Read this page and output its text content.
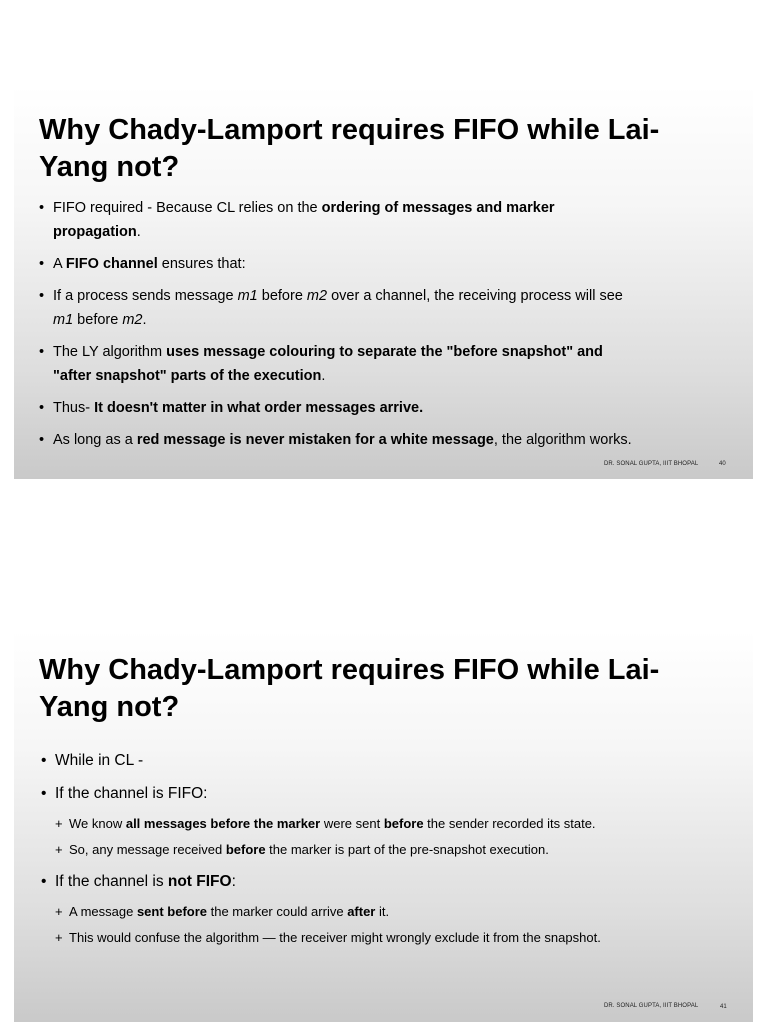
Why Chady-Lamport requires FIFO while Lai-Yang not?
• FIFO required - Because CL relies on the ordering of messages and marker propagation.
• A FIFO channel ensures that:
• If a process sends message m1 before m2 over a channel, the receiving process will see m1 before m2.
• The LY algorithm uses message colouring to separate the "before snapshot" and "after snapshot" parts of the execution.
• Thus- It doesn't matter in what order messages arrive.
• As long as a red message is never mistaken for a white message, the algorithm works.
DR. SONAL GUPTA, IIIT BHOPAL	40
Why Chady-Lamport requires FIFO while Lai-Yang not?
• While in CL -
• If the channel is FIFO:
+ We know all messages before the marker were sent before the sender recorded its state.
+ So, any message received before the marker is part of the pre-snapshot execution.
• If the channel is not FIFO:
+ A message sent before the marker could arrive after it.
+ This would confuse the algorithm — the receiver might wrongly exclude it from the snapshot.
DR. SONAL GUPTA, IIIT BHOPAL	41
